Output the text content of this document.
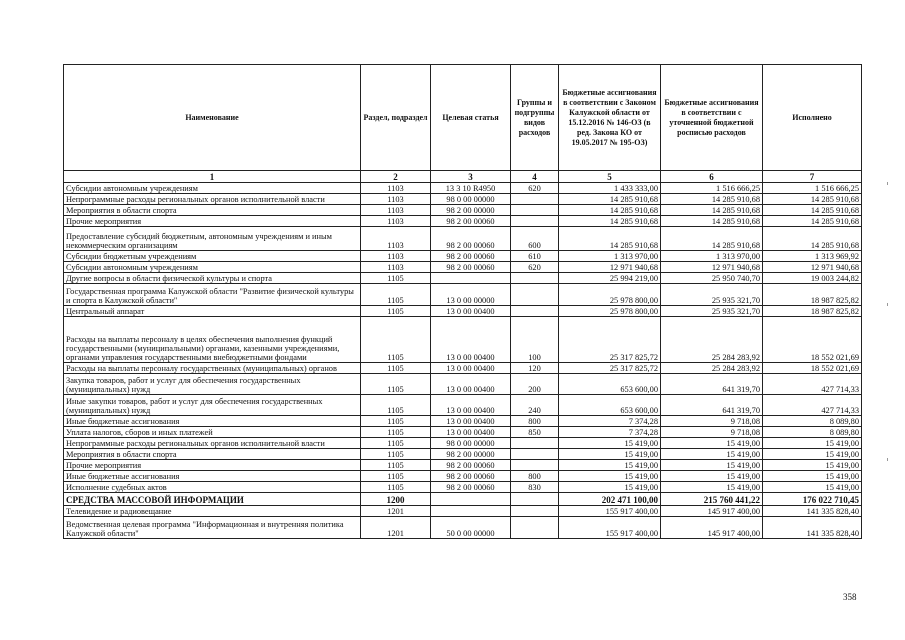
Наименование	Раздел, подраздел	Целевая статья	Группы и подгруппы видов расходов	Бюджетные ассигнования в соответствии с Законом Калужской области от 15.12.2016 № 146-ОЗ (в ред. Закона КО от 19.05.2017 № 195-ОЗ)	Бюджетные ассигнования в соответствии с уточненной бюджетной росписью расходов	Исполнено
1	2	3	4	5	6	7
Субсидии автономным учреждениям	1103	13 3 10 R4950	620	1 433 333,00	1 516 666,25	1 516 666,25
Непрограммные расходы региональных органов исполнительной власти	1103	98 0 00 00000		14 285 910,68	14 285 910,68	14 285 910,68
Мероприятия в области спорта	1103	98 2 00 00000		14 285 910,68	14 285 910,68	14 285 910,68
Прочие мероприятия	1103	98 2 00 00060		14 285 910,68	14 285 910,68	14 285 910,68
Предоставление субсидий бюджетным, автономным учреждениям и иным некоммерческим организациям	1103	98 2 00 00060	600	14 285 910,68	14 285 910,68	14 285 910,68
Субсидии бюджетным учреждениям	1103	98 2 00 00060	610	1 313 970,00	1 313 970,00	1 313 969,92
Субсидии автономным учреждениям	1103	98 2 00 00060	620	12 971 940,68	12 971 940,68	12 971 940,68
Другие вопросы в области физической культуры и спорта	1105			25 994 219,00	25 950 740,70	19 003 244,82
Государственная программа Калужской области "Развитие физической культуры и спорта в Калужской области"	1105	13 0 00 00000		25 978 800,00	25 935 321,70	18 987 825,82
Центральный аппарат	1105	13 0 00 00400		25 978 800,00	25 935 321,70	18 987 825,82
Расходы на выплаты персоналу в целях обеспечения выполнения функций государственными (муниципальными) органами, казенными учреждениями, органами управления государственными внебюджетными фондами	1105	13 0 00 00400	100	25 317 825,72	25 284 283,92	18 552 021,69
Расходы на выплаты персоналу государственных (муниципальных) органов	1105	13 0 00 00400	120	25 317 825,72	25 284 283,92	18 552 021,69
Закупка товаров, работ и услуг для обеспечения государственных (муниципальных) нужд	1105	13 0 00 00400	200	653 600,00	641 319,70	427 714,33
Иные закупки товаров, работ и услуг для обеспечения государственных (муниципальных) нужд	1105	13 0 00 00400	240	653 600,00	641 319,70	427 714,33
Иные бюджетные ассигнования	1105	13 0 00 00400	800	7 374,28	9 718,08	8 089,80
Уплата налогов, сборов и иных платежей	1105	13 0 00 00400	850	7 374,28	9 718,08	8 089,80
Непрограммные расходы региональных органов исполнительной власти	1105	98 0 00 00000		15 419,00	15 419,00	15 419,00
Мероприятия в области спорта	1105	98 2 00 00000		15 419,00	15 419,00	15 419,00
Прочие мероприятия	1105	98 2 00 00060		15 419,00	15 419,00	15 419,00
Иные бюджетные ассигнования	1105	98 2 00 00060	800	15 419,00	15 419,00	15 419,00
Исполнение судебных актов	1105	98 2 00 00060	830	15 419,00	15 419,00	15 419,00
СРЕДСТВА МАССОВОЙ ИНФОРМАЦИИ	1200			202 471 100,00	215 760 441,22	176 022 710,45
Телевидение и радиовещание	1201			155 917 400,00	145 917 400,00	141 335 828,40
Ведомственная целевая программа "Информационная и внутренняя политика Калужской области"	1201	50 0 00 00000		155 917 400,00	145 917 400,00	141 335 828,40
358
